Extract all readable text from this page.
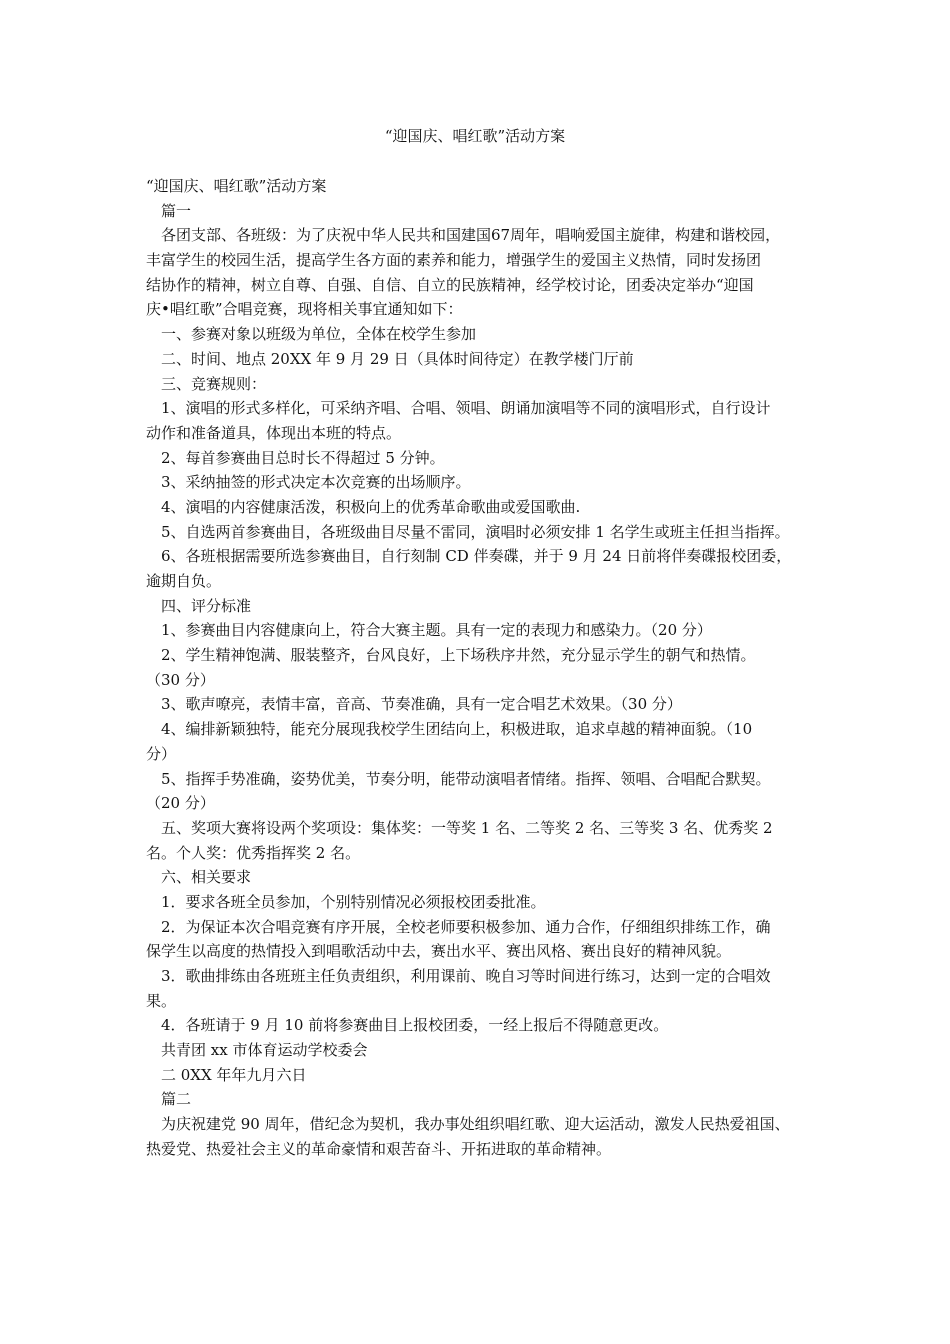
“迎国庆、唱红歌”活动方案
“迎国庆、唱红歌”活动方案
篇一
各团支部、各班级：为了庆祝中华人民共和国建国67周年，唱响爱国主旋律，构建和谐校园，
丰富学生的校园生活，提高学生各方面的素养和能力，增强学生的爱国主义热情，同时发扬团
结协作的精神，树立自尊、自强、自信、自立的民族精神，经学校讨论，团委决定举办“迎国
庆•唱红歌”合唱竞赛，现将相关事宜通知如下：
一、参赛对象以班级为单位，全体在校学生参加
二、时间、地点 20XX 年 9 月 29 日（具体时间待定）在教学楼门厅前
三、竞赛规则：
1、演唱的形式多样化，可采纳齐唱、合唱、领唱、朗诵加演唱等不同的演唱形式，自行设计
动作和准备道具，体现出本班的特点。
2、每首参赛曲目总时长不得超过 5 分钟。
3、采纳抽签的形式决定本次竞赛的出场顺序。
4、演唱的内容健康活泼，积极向上的优秀革命歌曲或爱国歌曲.
5、自选两首参赛曲目，各班级曲目尽量不雷同，演唱时必须安排 1 名学生或班主任担当指挥。
6、各班根据需要所选参赛曲目，自行刻制 CD 伴奏碟，并于 9 月 24 日前将伴奏碟报校团委，
逾期自负。
四、评分标准
1、参赛曲目内容健康向上，符合大赛主题。具有一定的表现力和感染力。（20 分）
2、学生精神饱满、服装整齐，台风良好，上下场秩序井然，充分显示学生的朝气和热情。
（30 分）
3、歌声嘹亮，表情丰富，音高、节奏准确，具有一定合唱艺术效果。（30 分）
4、编排新颖独特，能充分展现我校学生团结向上，积极进取，追求卓越的精神面貌。（10
分）
5、指挥手势准确，姿势优美，节奏分明，能带动演唱者情绪。指挥、领唱、合唱配合默契。
（20 分）
五、奖项大赛将设两个奖项设：集体奖：一等奖 1 名、二等奖 2 名、三等奖 3 名、优秀奖 2
名。个人奖：优秀指挥奖 2 名。
六、相关要求
1．要求各班全员参加，个别特别情况必须报校团委批准。
2．为保证本次合唱竞赛有序开展，全校老师要积极参加、通力合作，仔细组织排练工作，确
保学生以高度的热情投入到唱歌活动中去，赛出水平、赛出风格、赛出良好的精神风貌。
3．歌曲排练由各班班主任负责组织，利用课前、晚自习等时间进行练习，达到一定的合唱效
果。
4．各班请于 9 月 10 前将参赛曲目上报校团委，一经上报后不得随意更改。
共青团 xx 市体育运动学校委会
二 0XX 年年九月六日
篇二
为庆祝建党 90 周年，借纪念为契机，我办事处组织唱红歌、迎大运活动，激发人民热爱祖国、
热爱党、热爱社会主义的革命豪情和艰苦奋斗、开拓进取的革命精神。
